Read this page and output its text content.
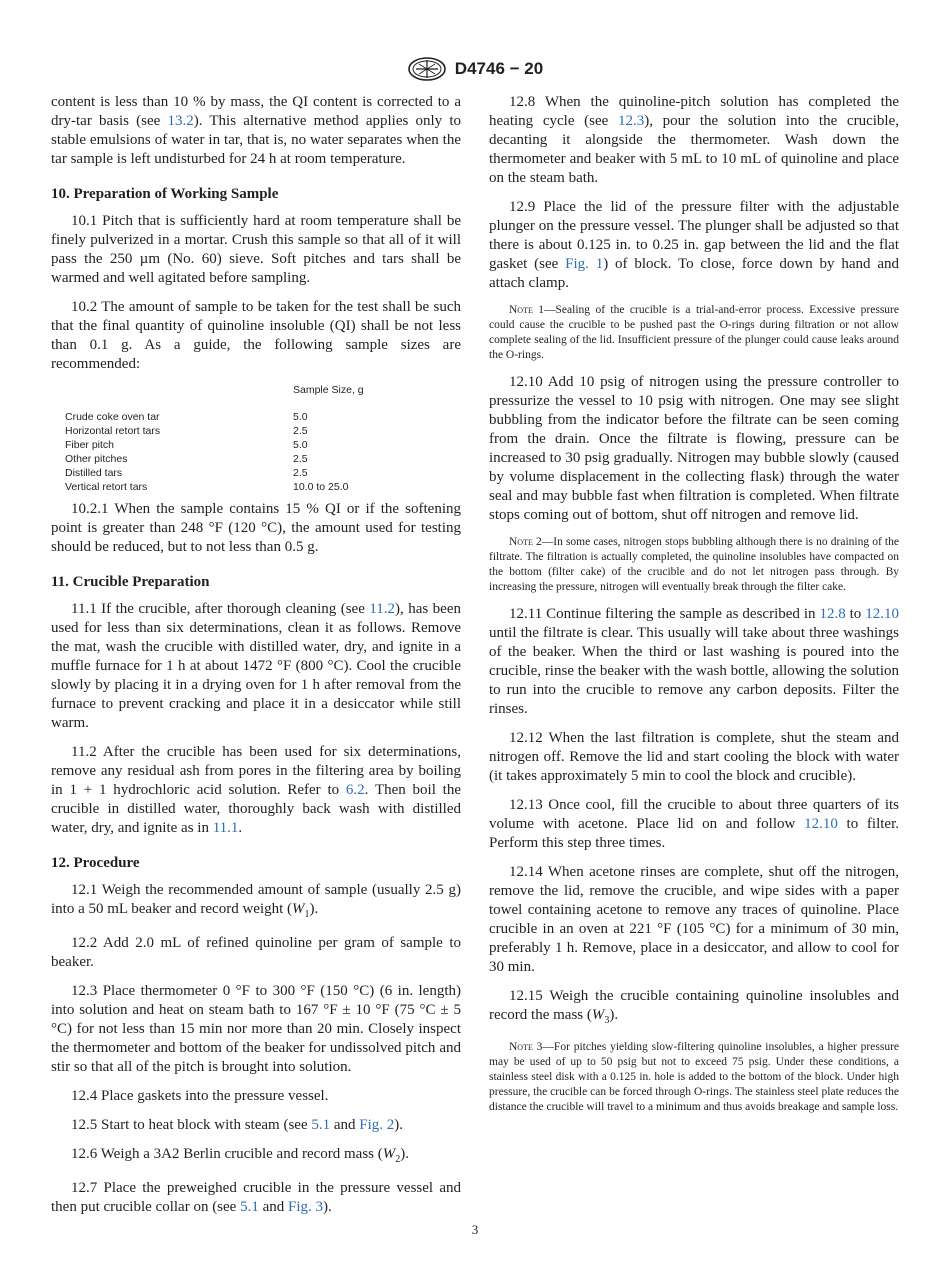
D4746 − 20

content is less than 10 % by mass, the QI content is corrected to a dry-tar basis (see 13.2). This alternative method applies only to stable emulsions of water in tar, that is, no water separates when the tar sample is left undisturbed for 24 h at room temperature.

10. Preparation of Working Sample

10.1 Pitch that is sufficiently hard at room temperature shall be finely pulverized in a mortar. Crush this sample so that all of it will pass the 250 µm (No. 60) sieve. Soft pitches and tars shall be warmed and well agitated before sampling.

10.2 The amount of sample to be taken for the test shall be such that the final quantity of quinoline insoluble (QI) shall be not less than 0.1 g. As a guide, the following sample sizes are recommended:

	Sample Size, g
Crude coke oven tar	5.0
Horizontal retort tars	2.5
Fiber pitch	5.0
Other pitches	2.5
Distilled tars	2.5
Vertical retort tars	10.0 to 25.0

10.2.1 When the sample contains 15 % QI or if the softening point is greater than 248 °F (120 °C), the amount used for testing should be reduced, but to not less than 0.5 g.

11. Crucible Preparation

11.1 If the crucible, after thorough cleaning (see 11.2), has been used for less than six determinations, clean it as follows. Remove the mat, wash the crucible with distilled water, dry, and ignite in a muffle furnace for 1 h at about 1472 °F (800 °C). Cool the crucible slowly by placing it in a drying oven for 1 h after removal from the furnace to prevent cracking and place it in a desiccator while still warm.

11.2 After the crucible has been used for six determinations, remove any residual ash from pores in the filtering area by boiling in 1 + 1 hydrochloric acid solution. Refer to 6.2. Then boil the crucible in distilled water, thoroughly back wash with distilled water, dry, and ignite as in 11.1.

12. Procedure

12.1 Weigh the recommended amount of sample (usually 2.5 g) into a 50 mL beaker and record weight $(W_1)$.

12.2 Add 2.0 mL of refined quinoline per gram of sample to beaker.

12.3 Place thermometer 0 °F to 300 °F (150 °C) (6 in. length) into solution and heat on steam bath to 167 °F ± 10 °F (75 °C ± 5 °C) for not less than 15 min nor more than 20 min. Closely inspect the thermometer and bottom of the beaker for undissolved pitch and stir so that all of the pitch is brought into solution.

12.4 Place gaskets into the pressure vessel.

12.5 Start to heat block with steam (see 5.1 and Fig. 2).

12.6 Weigh a 3A2 Berlin crucible and record mass $(W_2)$.

12.7 Place the preweighed crucible in the pressure vessel and then put crucible collar on (see 5.1 and Fig. 3).

12.8 When the quinoline-pitch solution has completed the heating cycle (see 12.3), pour the solution into the crucible, decanting it alongside the thermometer. Wash down the thermometer and beaker with 5 mL to 10 mL of quinoline and place on the steam bath.

12.9 Place the lid of the pressure filter with the adjustable plunger on the pressure vessel. The plunger shall be adjusted so that there is about 0.125 in. to 0.25 in. gap between the lid and the flat gasket (see Fig. 1) of block. To close, force down by hand and attach clamp.

Note 1—Sealing of the crucible is a trial-and-error process. Excessive pressure could cause the crucible to be pushed past the O-rings during filtration or not allow complete sealing of the lid. Insufficient pressure of the plunger could cause leaks around the O-rings.

12.10 Add 10 psig of nitrogen using the pressure controller to pressurize the vessel to 10 psig with nitrogen. One may see slight bubbling from the indicator before the filtrate can be seen coming from the drain. Once the filtrate is flowing, pressure can be increased to 30 psig gradually. Nitrogen may bubble slowly (caused by volume displacement in the collecting flask) through the water seal and may bubble fast when filtration is completed. When filtrate stops coming out of bottom, shut off nitrogen and remove lid.

Note 2—In some cases, nitrogen stops bubbling although there is no draining of the filtrate. The filtration is actually completed, the quinoline insolubles have compacted on the bottom (filter cake) of the crucible and do not let nitrogen pass through. By increasing the pressure, nitrogen will eventually break through the filter cake.

12.11 Continue filtering the sample as described in 12.8 to 12.10 until the filtrate is clear. This usually will take about three washings of the beaker. When the third or last washing is poured into the crucible, rinse the beaker with the wash bottle, allowing the solution to run into the crucible to remove any carbon deposits. Filter the rinses.

12.12 When the last filtration is complete, shut the steam and nitrogen off. Remove the lid and start cooling the block with water (it takes approximately 5 min to cool the block and crucible).

12.13 Once cool, fill the crucible to about three quarters of its volume with acetone. Place lid on and follow 12.10 to filter. Perform this step three times.

12.14 When acetone rinses are complete, shut off the nitrogen, remove the lid, remove the crucible, and wipe sides with a paper towel containing acetone to remove any traces of quinoline. Place crucible in an oven at 221 °F (105 °C) for a minimum of 30 min, preferably 1 h. Remove, place in a desiccator, and allow to cool for 30 min.

12.15 Weigh the crucible containing quinoline insolubles and record the mass $(W_3)$.

Note 3—For pitches yielding slow-filtering quinoline insolubles, a higher pressure may be used of up to 50 psig but not to exceed 75 psig. Under these conditions, a stainless steel disk with a 0.125 in. hole is added to the bottom of the block. Under high pressure, the crucible can be forced through O-rings. The stainless steel plate reduces the distance the crucible will travel to a minimum and thus avoids breakage and sample loss.

3
